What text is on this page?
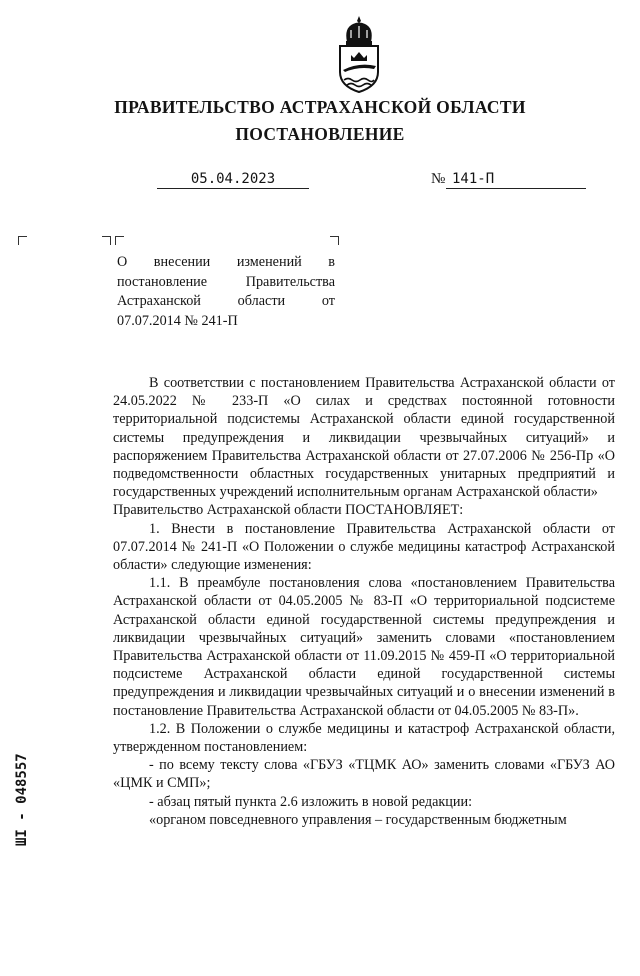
ПРАВИТЕЛЬСТВО АСТРАХАНСКОЙ ОБЛАСТИ
ПОСТАНОВЛЕНИЕ
05.04.2023	№ 141-П

О внесении изменений в постановление Правительства Астраханской области от 07.07.2014 № 241-П

В соответствии с постановлением Правительства Астраханской области от 24.05.2022 № 233-П «О силах и средствах постоянной готовности территориальной подсистемы Астраханской области единой государственной системы предупреждения и ликвидации чрезвычайных ситуаций» и распоряжением Правительства Астраханской области от 27.07.2006 № 256-Пр «О подведомственности областных государственных унитарных предприятий и государственных учреждений исполнительным органам Астраханской области»

Правительство Астраханской области ПОСТАНОВЛЯЕТ:

1. Внести в постановление Правительства Астраханской области от 07.07.2014 № 241-П «О Положении о службе медицины катастроф Астраханской области» следующие изменения:

1.1. В преамбуле постановления слова «постановлением Правительства Астраханской области от 04.05.2005 № 83-П «О территориальной подсистеме Астраханской области единой государственной системы предупреждения и ликвидации чрезвычайных ситуаций» заменить словами «постановлением Правительства Астраханской области от 11.09.2015 № 459-П «О территориальной подсистеме Астраханской области единой государственной системы предупреждения и ликвидации чрезвычайных ситуаций и о внесении изменений в постановление Правительства Астраханской области от 04.05.2005 № 83-П».

1.2. В Положении о службе медицины и катастроф Астраханской области, утвержденном постановлением:

- по всему тексту слова «ГБУЗ «ТЦМК АО» заменить словами «ГБУЗ АО «ЦМК и СМП»;

- абзац пятый пункта 2.6 изложить в новой редакции:

«органом повседневного управления – государственным бюджетным

ШI - 048557
